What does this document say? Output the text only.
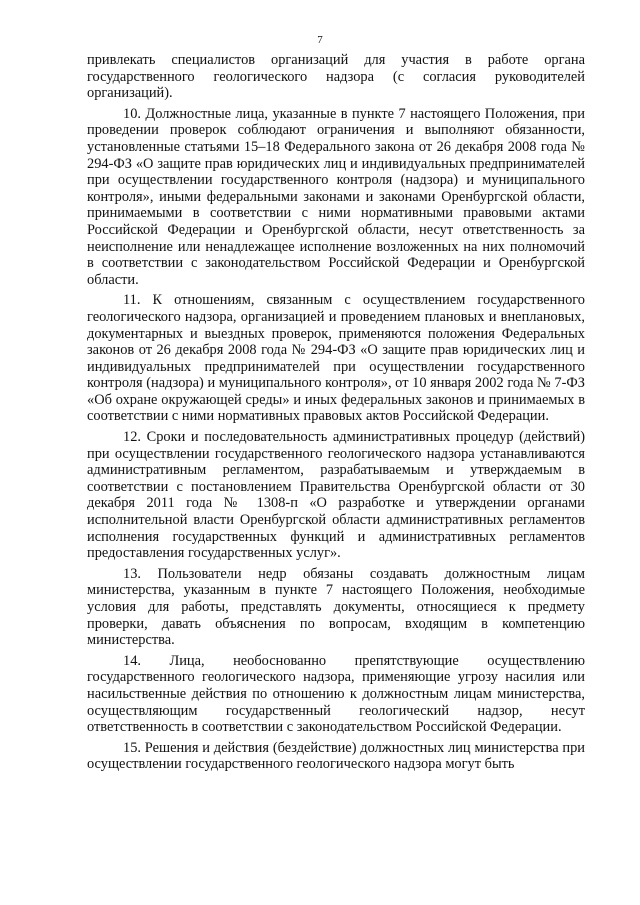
7

привлекать специалистов организаций для участия в работе органа государственного геологического надзора (с согласия руководителей организаций).

10. Должностные лица, указанные в пункте 7 настоящего Положения, при проведении проверок соблюдают ограничения и выполняют обязанности, установленные статьями 15–18 Федерального закона от 26 декабря 2008 года № 294-ФЗ «О защите прав юридических лиц и индивидуальных предпринимателей при осуществлении государственного контроля (надзора) и муниципального контроля», иными федеральными законами и законами Оренбургской области, принимаемыми в соответствии с ними нормативными правовыми актами Российской Федерации и Оренбургской области, несут ответственность за неисполнение или ненадлежащее исполнение возложенных на них полномочий в соответствии с законодательством Российской Федерации и Оренбургской области.

11. К отношениям, связанным с осуществлением государственного геологического надзора, организацией и проведением плановых и внеплановых, документарных и выездных проверок, применяются положения Федеральных законов от 26 декабря 2008 года № 294-ФЗ «О защите прав юридических лиц и индивидуальных предпринимателей при осуществлении государственного контроля (надзора) и муниципального контроля», от 10 января 2002 года № 7-ФЗ «Об охране окружающей среды» и иных федеральных законов и принимаемых в соответствии с ними нормативных правовых актов Российской Федерации.

12. Сроки и последовательность административных процедур (действий) при осуществлении государственного геологического надзора устанавливаются административным регламентом, разрабатываемым и утверждаемым в соответствии с постановлением Правительства Оренбургской области от 30 декабря 2011 года № 1308-п «О разработке и утверждении органами исполнительной власти Оренбургской области административных регламентов исполнения государственных функций и административных регламентов предоставления государственных услуг».

13. Пользователи недр обязаны создавать должностным лицам министерства, указанным в пункте 7 настоящего Положения, необходимые условия для работы, представлять документы, относящиеся к предмету проверки, давать объяснения по вопросам, входящим в компетенцию министерства.

14. Лица, необоснованно препятствующие осуществлению государственного геологического надзора, применяющие угрозу насилия или насильственные действия по отношению к должностным лицам министерства, осуществляющим государственный геологический надзор, несут ответственность в соответствии с законодательством Российской Федерации.

15. Решения и действия (бездействие) должностных лиц министерства при осуществлении государственного геологического надзора могут быть
